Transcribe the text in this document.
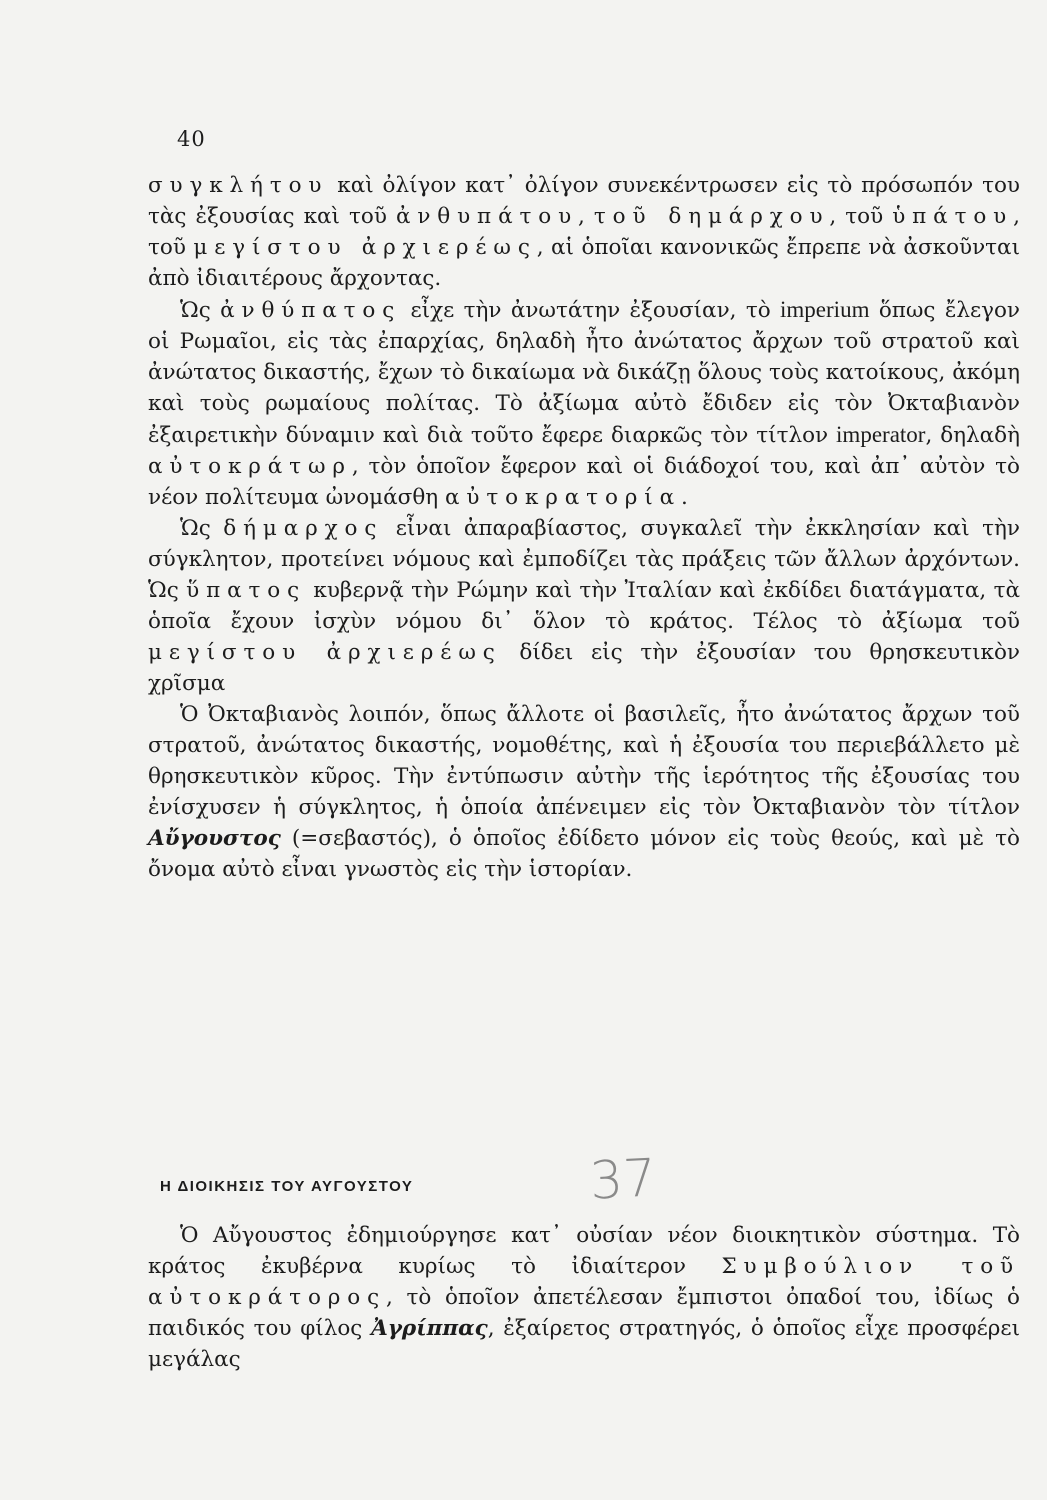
40

συγκλήτου καὶ ὀλίγον κατ᾽ ὀλίγον συνεκέντρωσεν εἰς τὸ πρόσωπόν του τὰς ἐξουσίας καὶ τοῦ ἀνθυπάτου, τοῦ δημάρχου, τοῦ ὑπάτου, τοῦ μεγίστου ἀρχιερέως, αἱ ὁποῖαι κανονικῶς ἔπρεπε νὰ ἀσκοῦνται ἀπὸ ἰδιαιτέρους ἄρχοντας.

Ὡς ἀνθύπατος εἶχε τὴν ἀνωτάτην ἐξουσίαν, τὸ imperium ὅπως ἔλεγον οἱ Ρωμαῖοι, εἰς τὰς ἐπαρχίας, δηλαδὴ ἦτο ἀνώτατος ἄρχων τοῦ στρατοῦ καὶ ἀνώτατος δικαστής, ἔχων τὸ δικαίωμα νὰ δικάζῃ ὅλους τοὺς κατοίκους, ἀκόμη καὶ τοὺς ρωμαίους πολίτας. Τὸ ἀξίωμα αὐτὸ ἔδιδεν εἰς τὸν Ὀκταβιανὸν ἐξαιρετικὴν δύναμιν καὶ διὰ τοῦτο ἔφερε διαρκῶς τὸν τίτλον imperator, δηλαδὴ αὐτοκράτωρ, τὸν ὁποῖον ἔφερον καὶ οἱ διάδοχοί του, καὶ ἀπ᾽ αὐτὸν τὸ νέον πολίτευμα ὠνομάσθη αὐτοκρατορία.

Ὡς δήμαρχος εἶναι ἀπαραβίαστος, συγκαλεῖ τὴν ἐκκλησίαν καὶ τὴν σύγκλητον, προτείνει νόμους καὶ ἐμποδίζει τὰς πράξεις τῶν ἄλλων ἀρχόντων. Ὡς ὕπατος κυβερνᾷ τὴν Ρώμην καὶ τὴν Ἰταλίαν καὶ ἐκδίδει διατάγματα, τὰ ὁποῖα ἔχουν ἰσχὺν νόμου δι᾽ ὅλον τὸ κράτος. Τέλος τὸ ἀξίωμα τοῦ μεγίστου ἀρχιερέως δίδει εἰς τὴν ἐξουσίαν του θρησκευτικὸν χρῖσμα

Ὁ Ὀκταβιανὸς λοιπόν, ὅπως ἄλλοτε οἱ βασιλεῖς, ἦτο ἀνώτατος ἄρχων τοῦ στρατοῦ, ἀνώτατος δικαστής, νομοθέτης, καὶ ἡ ἐξουσία του περιεβάλλετο μὲ θρησκευτικὸν κῦρος. Τὴν ἐντύπωσιν αὐτὴν τῆς ἱερότητος τῆς ἐξουσίας του ἐνίσχυσεν ἡ σύγκλητος, ἡ ὁποία ἀπένειμεν εἰς τὸν Ὀκταβιανὸν τὸν τίτλον Αὔγουστος (=σεβαστός), ὁ ὁποῖος ἐδίδετο μόνον εἰς τοὺς θεούς, καὶ μὲ τὸ ὄνομα αὐτὸ εἶναι γνωστὸς εἰς τὴν ἱστορίαν.

Η ΔΙΟΙΚΗΣΙΣ ΤΟΥ ΑΥΓΟΥΣΤΟΥ	37

Ὁ Αὔγουστος ἐδημιούργησε κατ᾽ οὐσίαν νέον διοικητικὸν σύστημα. Τὸ κράτος ἐκυβέρνα κυρίως τὸ ἰδιαίτερον Συμβούλιον τοῦ αὐτοκράτορος, τὸ ὁποῖον ἀπετέλεσαν ἔμπιστοι ὀπαδοί του, ἰδίως ὁ παιδικός του φίλος Ἀγρίππας, ἐξαίρετος στρατηγός, ὁ ὁποῖος εἶχε προσφέρει μεγάλας
